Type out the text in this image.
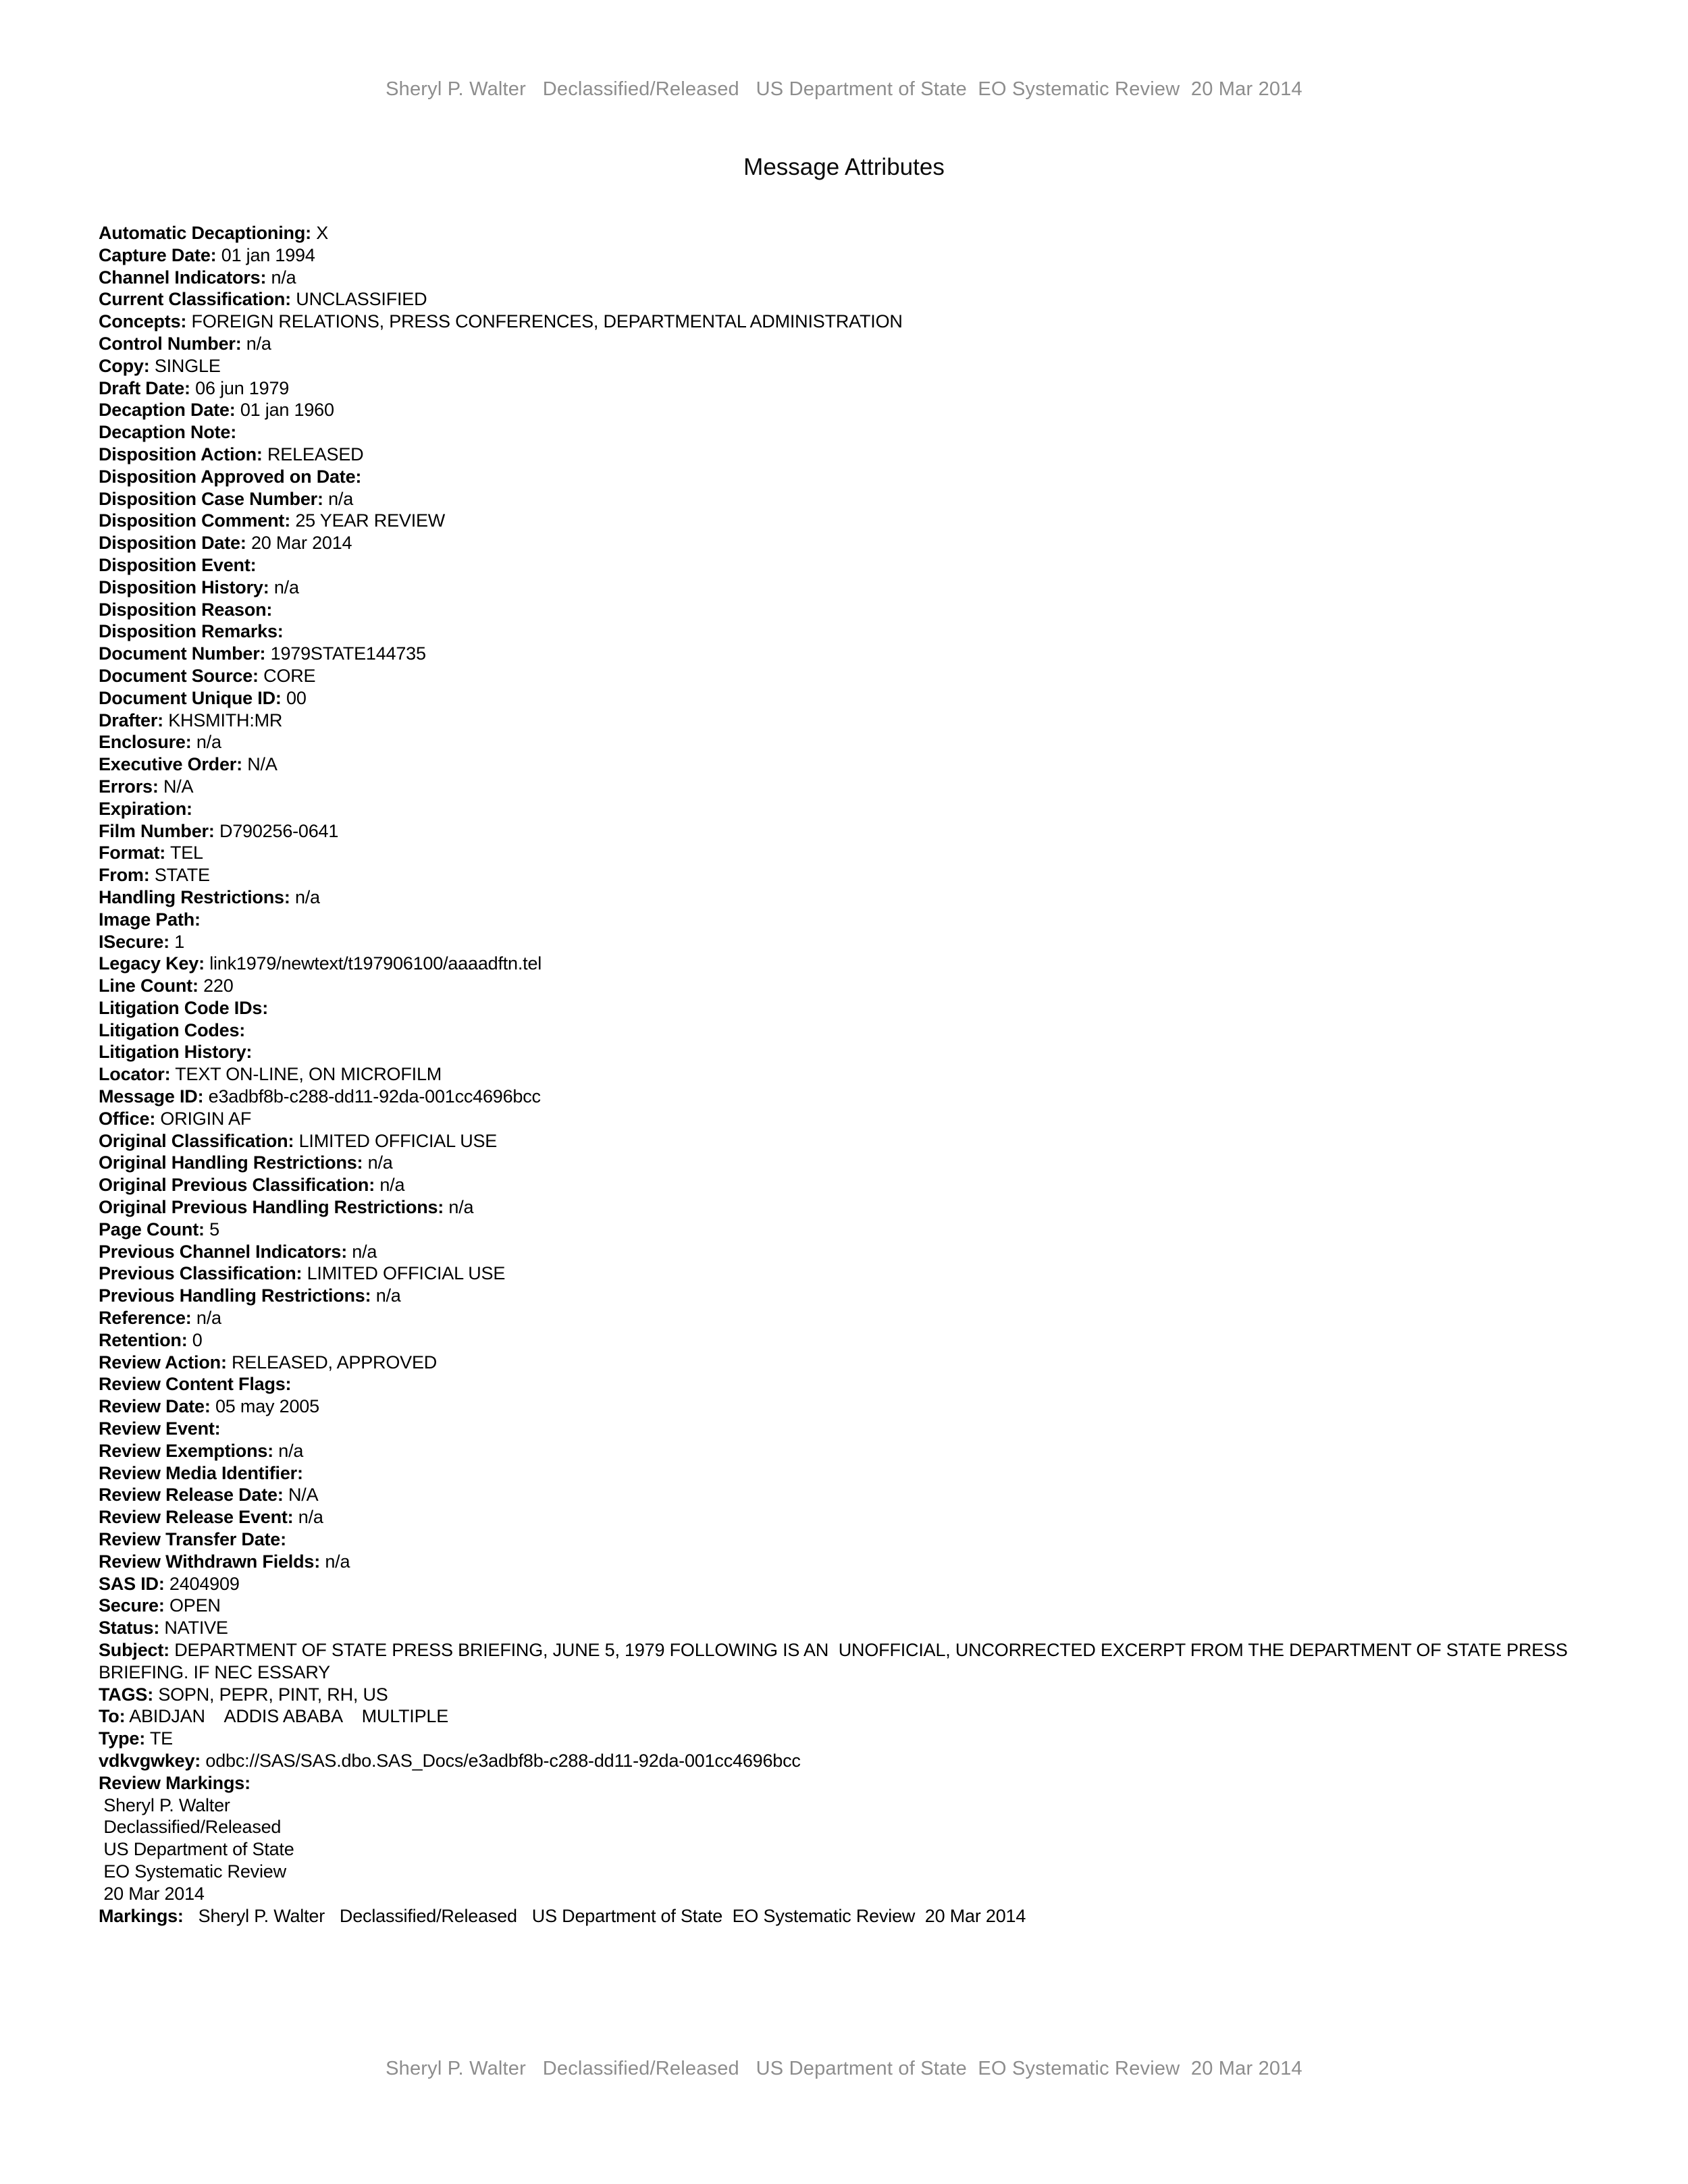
Sheryl P. Walter   Declassified/Released   US Department of State  EO Systematic Review  20 Mar 2014
Message Attributes
Automatic Decaptioning: X
Capture Date: 01 jan 1994
Channel Indicators: n/a
Current Classification: UNCLASSIFIED
Concepts: FOREIGN RELATIONS, PRESS CONFERENCES, DEPARTMENTAL ADMINISTRATION
Control Number: n/a
Copy: SINGLE
Draft Date: 06 jun 1979
Decaption Date: 01 jan 1960
Decaption Note:
Disposition Action: RELEASED
Disposition Approved on Date:
Disposition Case Number: n/a
Disposition Comment: 25 YEAR REVIEW
Disposition Date: 20 Mar 2014
Disposition Event:
Disposition History: n/a
Disposition Reason:
Disposition Remarks:
Document Number: 1979STATE144735
Document Source: CORE
Document Unique ID: 00
Drafter: KHSMITH:MR
Enclosure: n/a
Executive Order: N/A
Errors: N/A
Expiration:
Film Number: D790256-0641
Format: TEL
From: STATE
Handling Restrictions: n/a
Image Path:
ISecure: 1
Legacy Key: link1979/newtext/t197906100/aaaadftn.tel
Line Count: 220
Litigation Code IDs:
Litigation Codes:
Litigation History:
Locator: TEXT ON-LINE, ON MICROFILM
Message ID: e3adbf8b-c288-dd11-92da-001cc4696bcc
Office: ORIGIN AF
Original Classification: LIMITED OFFICIAL USE
Original Handling Restrictions: n/a
Original Previous Classification: n/a
Original Previous Handling Restrictions: n/a
Page Count: 5
Previous Channel Indicators: n/a
Previous Classification: LIMITED OFFICIAL USE
Previous Handling Restrictions: n/a
Reference: n/a
Retention: 0
Review Action: RELEASED, APPROVED
Review Content Flags:
Review Date: 05 may 2005
Review Event:
Review Exemptions: n/a
Review Media Identifier:
Review Release Date: N/A
Review Release Event: n/a
Review Transfer Date:
Review Withdrawn Fields: n/a
SAS ID: 2404909
Secure: OPEN
Status: NATIVE
Subject: DEPARTMENT OF STATE PRESS BRIEFING, JUNE 5, 1979 FOLLOWING IS AN  UNOFFICIAL, UNCORRECTED EXCERPT FROM THE DEPARTMENT OF STATE PRESS BRIEFING. IF NEC ESSARY
TAGS: SOPN, PEPR, PINT, RH, US
To: ABIDJAN    ADDIS ABABA    MULTIPLE
Type: TE
vdkvgwkey: odbc://SAS/SAS.dbo.SAS_Docs/e3adbf8b-c288-dd11-92da-001cc4696bcc
Review Markings:
Sheryl P. Walter
Declassified/Released
US Department of State
EO Systematic Review
20 Mar 2014
Markings:   Sheryl P. Walter   Declassified/Released   US Department of State  EO Systematic Review  20 Mar 2014
Sheryl P. Walter   Declassified/Released   US Department of State  EO Systematic Review  20 Mar 2014
